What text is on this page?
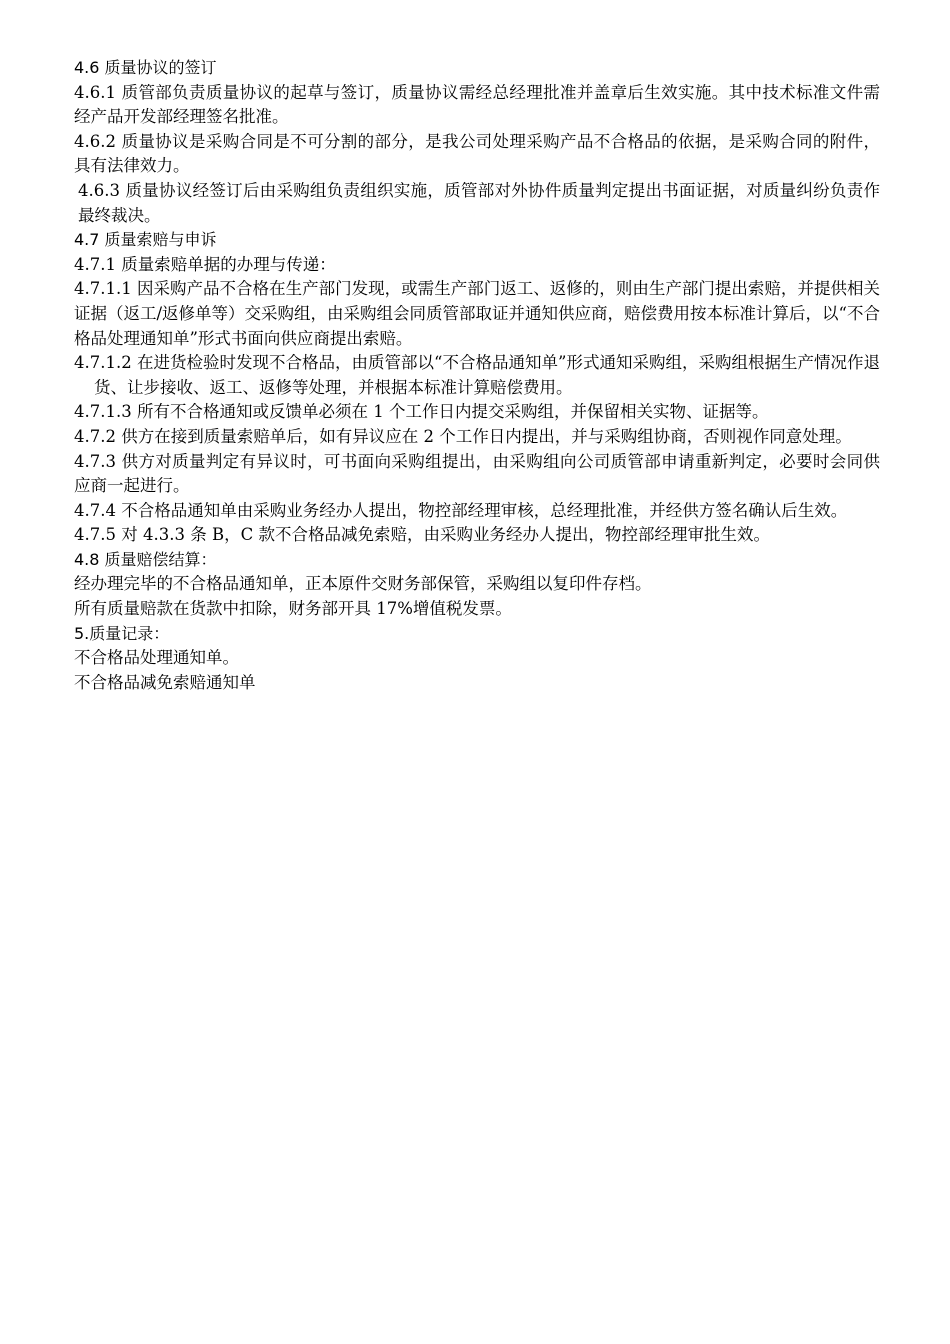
4.6 质量协议的签订

4.6.1 质管部负责质量协议的起草与签订，质量协议需经总经理批准并盖章后生效实施。其中技术标准文件需经产品开发部经理签名批准。

4.6.2 质量协议是采购合同是不可分割的部分，是我公司处理采购产品不合格品的依据，是采购合同的附件，具有法律效力。

4.6.3 质量协议经签订后由采购组负责组织实施，质管部对外协件质量判定提出书面证据，对质量纠纷负责作最终裁决。

4.7 质量索赔与申诉

4.7.1 质量索赔单据的办理与传递：

4.7.1.1 因采购产品不合格在生产部门发现，或需生产部门返工、返修的，则由生产部门提出索赔，并提供相关证据（返工/返修单等）交采购组，由采购组会同质管部取证并通知供应商，赔偿费用按本标准计算后，以“不合格品处理通知单”形式书面向供应商提出索赔。

4.7.1.2 在进货检验时发现不合格品，由质管部以“不合格品通知单”形式通知采购组，采购组根据生产情况作退货、让步接收、返工、返修等处理，并根据本标准计算赔偿费用。

4.7.1.3 所有不合格通知或反馈单必须在 1 个工作日内提交采购组，并保留相关实物、证据等。

4.7.2 供方在接到质量索赔单后，如有异议应在 2 个工作日内提出，并与采购组协商，否则视作同意处理。

4.7.3 供方对质量判定有异议时，可书面向采购组提出，由采购组向公司质管部申请重新判定，必要时会同供应商一起进行。

4.7.4 不合格品通知单由采购业务经办人提出，物控部经理审核，总经理批准，并经供方签名确认后生效。

4.7.5 对 4.3.3 条 B，C 款不合格品减免索赔，由采购业务经办人提出，物控部经理审批生效。

4.8 质量赔偿结算：

经办理完毕的不合格品通知单，正本原件交财务部保管，采购组以复印件存档。

所有质量赔款在货款中扣除，财务部开具 17%增值税发票。

5.质量记录：

不合格品处理通知单。

不合格品减免索赔通知单
